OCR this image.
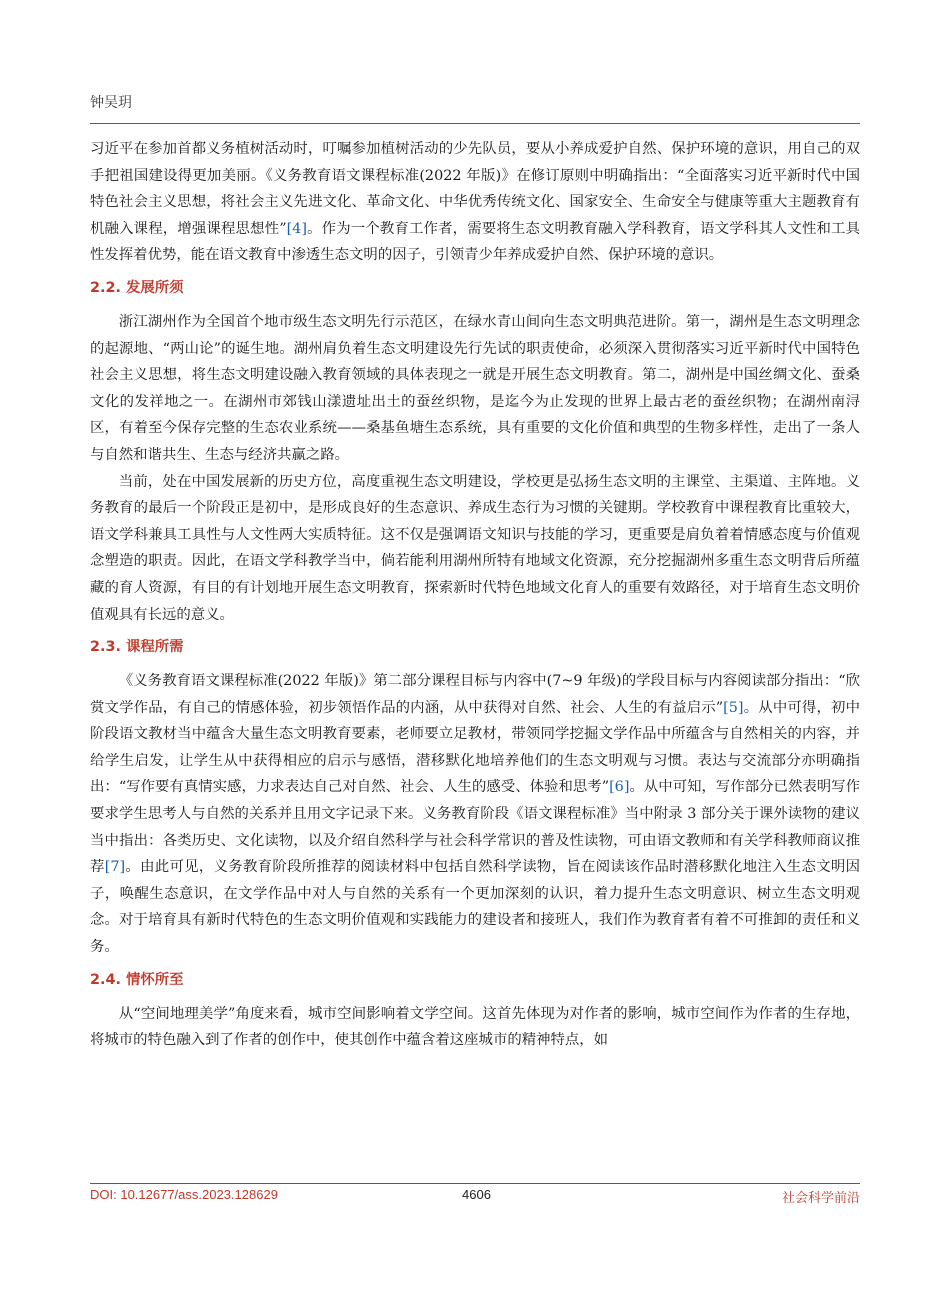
钟吴玥

习近平在参加首都义务植树活动时，叮嘱参加植树活动的少先队员，要从小养成爱护自然、保护环境的意识，用自己的双手把祖国建设得更加美丽。《义务教育语文课程标准(2022 年版)》在修订原则中明确指出：“全面落实习近平新时代中国特色社会主义思想，将社会主义先进文化、革命文化、中华优秀传统文化、国家安全、生命安全与健康等重大主题教育有机融入课程，增强课程思想性”[4]。作为一个教育工作者，需要将生态文明教育融入学科教育，语文学科其人文性和工具性发挥着优势，能在语文教育中渗透生态文明的因子，引领青少年养成爱护自然、保护环境的意识。

2.2. 发展所须

浙江湖州作为全国首个地市级生态文明先行示范区，在绿水青山间向生态文明典范进阶。第一，湖州是生态文明理念的起源地、“两山论”的诞生地。湖州肩负着生态文明建设先行先试的职责使命，必须深入贯彻落实习近平新时代中国特色社会主义思想，将生态文明建设融入教育领域的具体表现之一就是开展生态文明教育。第二，湖州是中国丝绸文化、蚕桑文化的发祥地之一。在湖州市郊钱山漾遗址出土的蚕丝织物，是迄今为止发现的世界上最古老的蚕丝织物；在湖州南浔区，有着至今保存完整的生态农业系统——桑基鱼塘生态系统，具有重要的文化价值和典型的生物多样性，走出了一条人与自然和谐共生、生态与经济共赢之路。

当前，处在中国发展新的历史方位，高度重视生态文明建设，学校更是弘扬生态文明的主课堂、主渠道、主阵地。义务教育的最后一个阶段正是初中，是形成良好的生态意识、养成生态行为习惯的关键期。学校教育中课程教育比重较大，语文学科兼具工具性与人文性两大实质特征。这不仅是强调语文知识与技能的学习，更重要是肩负着着情感态度与价值观念塑造的职责。因此，在语文学科教学当中，倘若能利用湖州所特有地域文化资源，充分挖掘湖州多重生态文明背后所蕴藏的育人资源，有目的有计划地开展生态文明教育，探索新时代特色地域文化育人的重要有效路径，对于培育生态文明价值观具有长远的意义。

2.3. 课程所需

《义务教育语文课程标准(2022 年版)》第二部分课程目标与内容中(7~9 年级)的学段目标与内容阅读部分指出：“欣赏文学作品，有自己的情感体验，初步领悟作品的内涵，从中获得对自然、社会、人生的有益启示”[5]。从中可得，初中阶段语文教材当中蕴含大量生态文明教育要素，老师要立足教材，带领同学挖掘文学作品中所蕴含与自然相关的内容，并给学生启发，让学生从中获得相应的启示与感悟，潜移默化地培养他们的生态文明观与习惯。表达与交流部分亦明确指出：“写作要有真情实感，力求表达自己对自然、社会、人生的感受、体验和思考”[6]。从中可知，写作部分已然表明写作要求学生思考人与自然的关系并且用文字记录下来。义务教育阶段《语文课程标准》当中附录 3 部分关于课外读物的建议当中指出：各类历史、文化读物，以及介绍自然科学与社会科学常识的普及性读物，可由语文教师和有关学科教师商议推荐[7]。由此可见，义务教育阶段所推荐的阅读材料中包括自然科学读物，旨在阅读该作品时潜移默化地注入生态文明因子，唤醒生态意识，在文学作品中对人与自然的关系有一个更加深刻的认识，着力提升生态文明意识、树立生态文明观念。对于培育具有新时代特色的生态文明价值观和实践能力的建设者和接班人，我们作为教育者有着不可推卸的责任和义务。

2.4. 情怀所至

从“空间地理美学”角度来看，城市空间影响着文学空间。这首先体现为对作者的影响，城市空间作为作者的生存地，将城市的特色融入到了作者的创作中，使其创作中蕴含着这座城市的精神特点，如

DOI: 10.12677/ass.2023.128629	4606	社会科学前沿
